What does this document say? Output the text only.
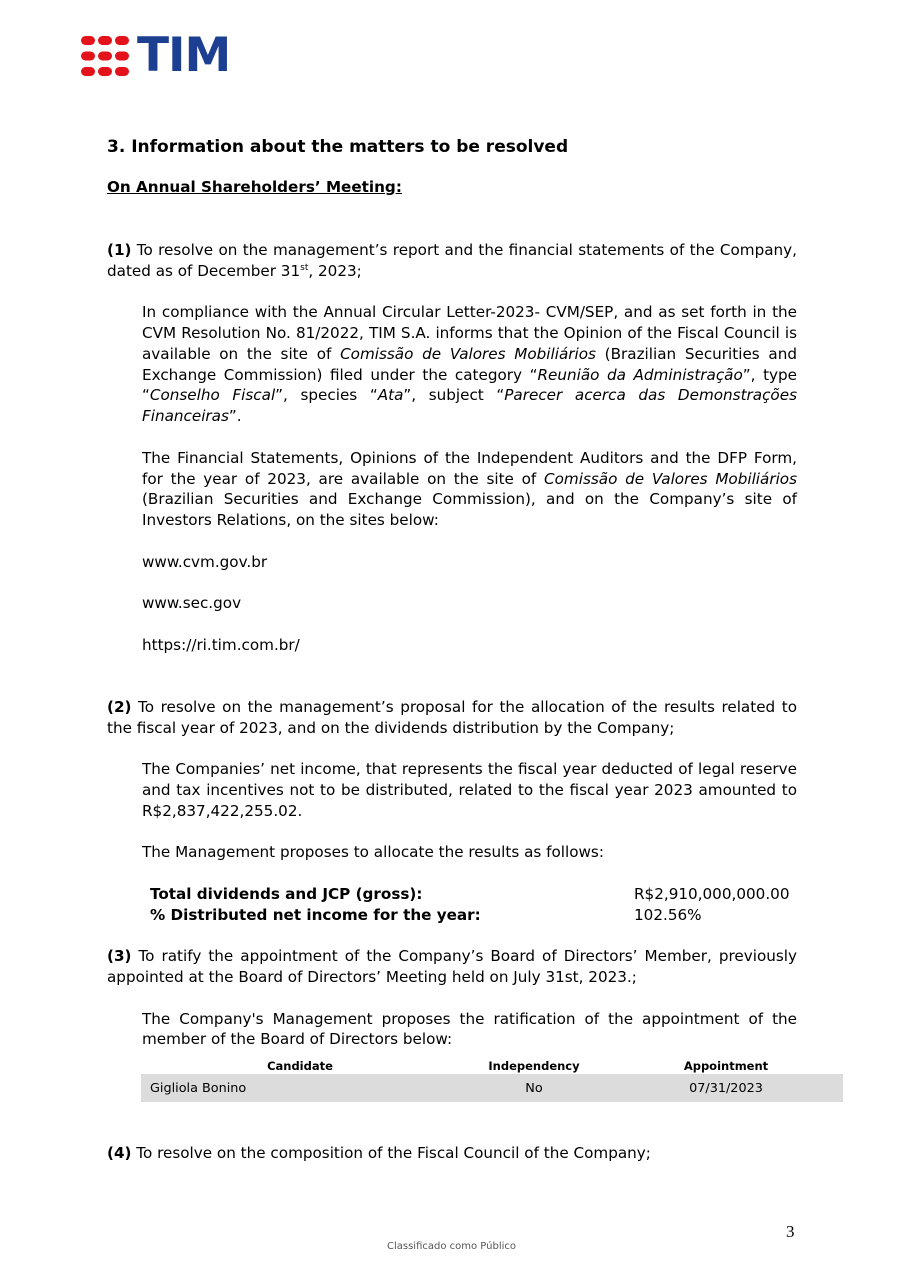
TIM
3. Information about the matters to be resolved
On Annual Shareholders’ Meeting:

(1) To resolve on the management’s report and the financial statements of the Company, dated as of December 31st, 2023;

In compliance with the Annual Circular Letter-2023- CVM/SEP, and as set forth in the CVM Resolution No. 81/2022, TIM S.A. informs that the Opinion of the Fiscal Council is available on the site of Comissão de Valores Mobiliários (Brazilian Securities and Exchange Commission) filed under the category “Reunião da Administração”, type “Conselho Fiscal”, species “Ata”, subject “Parecer acerca das Demonstrações Financeiras”.

The Financial Statements, Opinions of the Independent Auditors and the DFP Form, for the year of 2023, are available on the site of Comissão de Valores Mobiliários (Brazilian Securities and Exchange Commission), and on the Company’s site of Investors Relations, on the sites below:

www.cvm.gov.br
www.sec.gov
https://ri.tim.com.br/

(2) To resolve on the management’s proposal for the allocation of the results related to the fiscal year of 2023, and on the dividends distribution by the Company;

The Companies’ net income, that represents the fiscal year deducted of legal reserve and tax incentives not to be distributed, related to the fiscal year 2023 amounted to R$2,837,422,255.02.

The Management proposes to allocate the results as follows:

Total dividends and JCP (gross):	R$2,910,000,000.00
% Distributed net income for the year:	102.56%

(3) To ratify the appointment of the Company’s Board of Directors’ Member, previously appointed at the Board of Directors’ Meeting held on July 31st, 2023.;

The Company's Management proposes the ratification of the appointment of the member of the Board of Directors below:

Candidate	Independency	Appointment
Gigliola Bonino	No	07/31/2023

(4) To resolve on the composition of the Fiscal Council of the Company;

3
Classificado como Público
